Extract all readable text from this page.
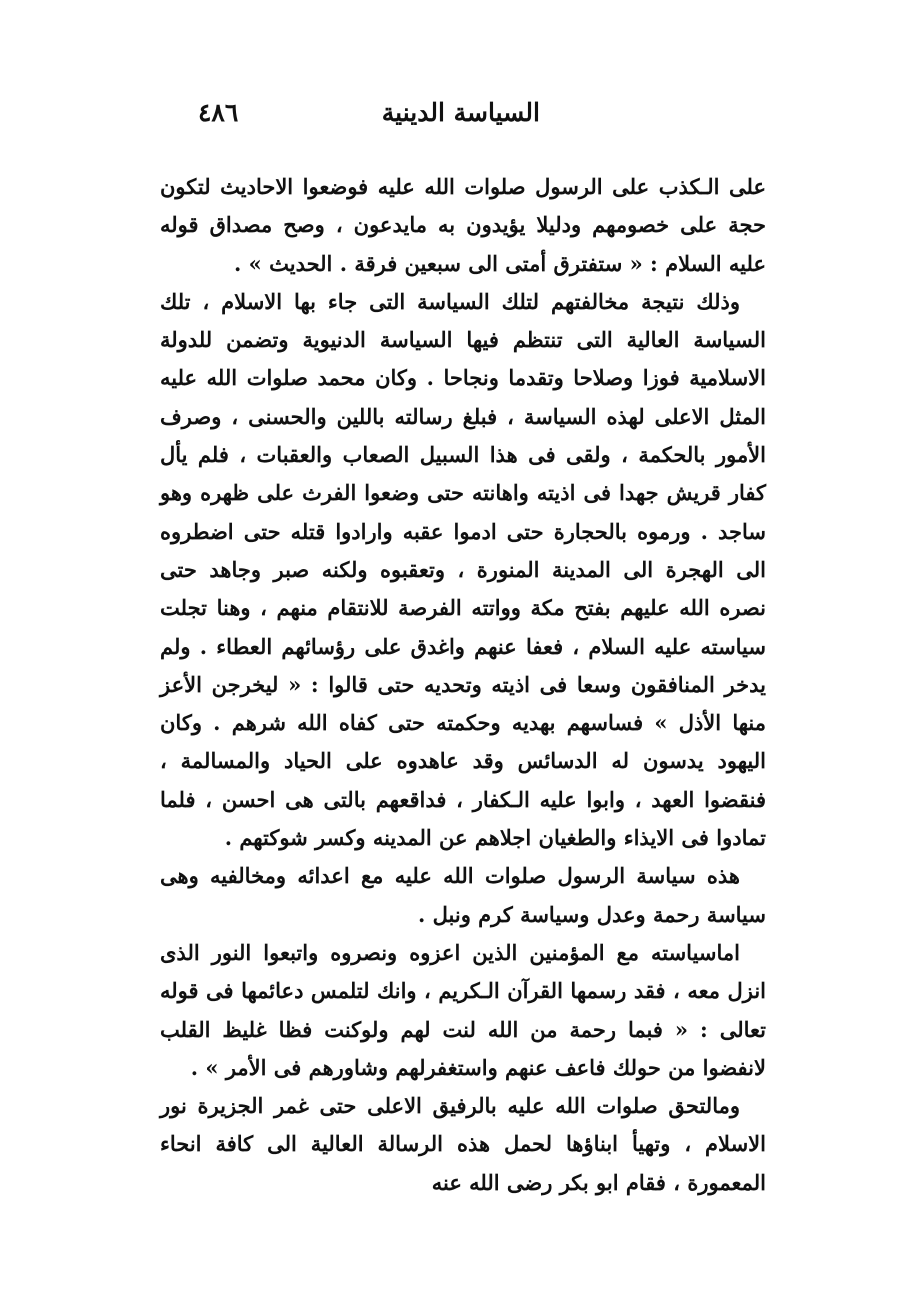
السياسة الدينية
٤٨٦

على الـكذب على الرسول صلوات الله عليه فوضعوا الاحاديث لتكون حجة على خصومهم ودليلا يؤيدون به مايدعون ، وصح مصداق قوله عليه السلام : « ستفترق أمتى الى سبعين فرقة . الحديث » .

وذلك نتيجة مخالفتهم لتلك السياسة التى جاء بها الاسلام ، تلك السياسة العالية التى تنتظم فيها السياسة الدنيوية وتضمن للدولة الاسلامية فوزا وصلاحا وتقدما ونجاحا . وكان محمد صلوات الله عليه المثل الاعلى لهذه السياسة ، فبلغ رسالته باللين والحسنى ، وصرف الأمور بالحكمة ، ولقى فى هذا السبيل الصعاب والعقبات ، فلم يأل كفار قريش جهدا فى اذيته واهانته حتى وضعوا الفرث على ظهره وهو ساجد . ورموه بالحجارة حتى ادموا عقبه وارادوا قتله حتى اضطروه الى الهجرة الى المدينة المنورة ، وتعقبوه ولكنه صبر وجاهد حتى نصره الله عليهم بفتح مكة وواتته الفرصة للانتقام منهم ، وهنا تجلت سياسته عليه السلام ، فعفا عنهم واغدق على رؤسائهم العطاء . ولم يدخر المنافقون وسعا فى اذيته وتحديه حتى قالوا : « ليخرجن الأعز منها الأذل » فساسهم بهديه وحكمته حتى كفاه الله شرهم . وكان اليهود يدسون له الدسائس وقد عاهدوه على الحياد والمسالمة ، فنقضوا العهد ، وابوا عليه الـكفار ، فداقعهم بالتى هى احسن ، فلما تمادوا فى الايذاء والطغيان اجلاهم عن المدينه وكسر شوكتهم .

هذه سياسة الرسول صلوات الله عليه مع اعدائه ومخالفيه وهى سياسة رحمة وعدل وسياسة كرم ونبل .

اماسياسته مع المؤمنين الذين اعزوه ونصروه واتبعوا النور الذى انزل معه ، فقد رسمها القرآن الـكريم ، وانك لتلمس دعائمها فى قوله تعالى : « فبما رحمة من الله لنت لهم ولوكنت فظا غليظ القلب لانفضوا من حولك فاعف عنهم واستغفرلهم وشاورهم فى الأمر » .

ومالتحق صلوات الله عليه بالرفيق الاعلى حتى غمر الجزيرة نور الاسلام ، وتهيأ ابناؤها لحمل هذه الرسالة العالية الى كافة انحاء المعمورة ، فقام ابو بكر رضى الله عنه
